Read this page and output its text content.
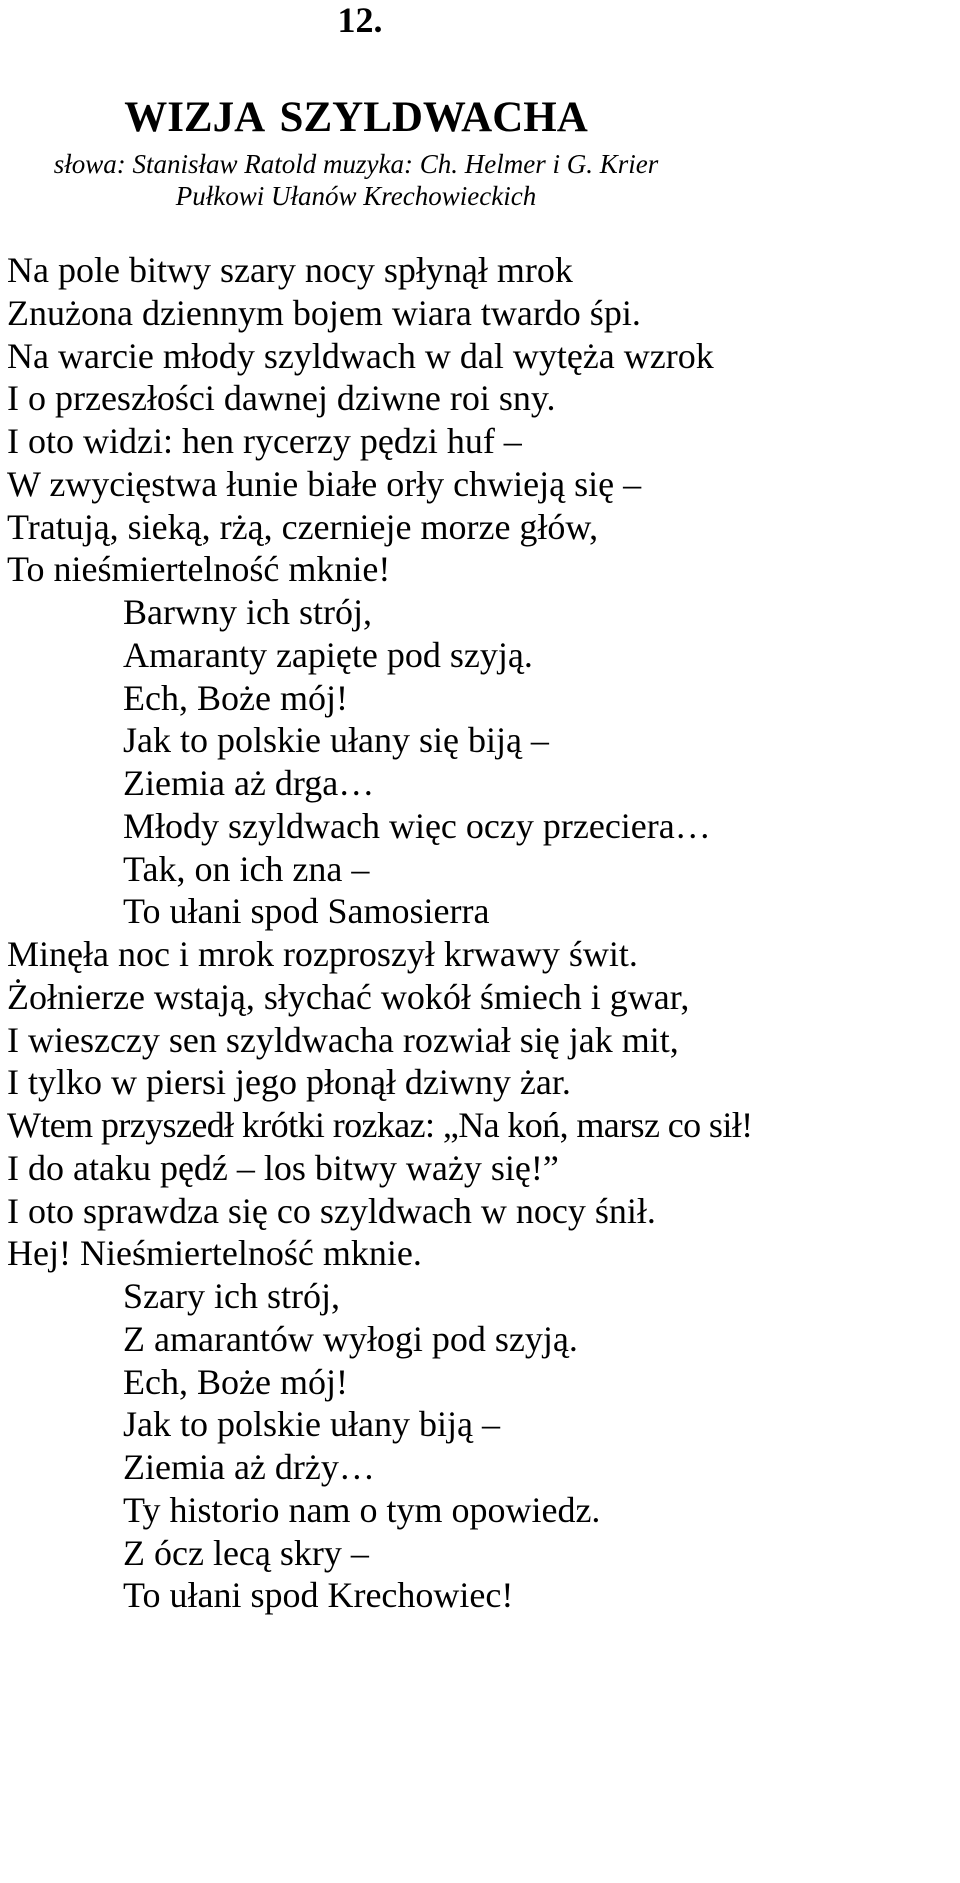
12.
WIZJA SZYLDWACHA
słowa: Stanisław Ratold muzyka: Ch. Helmer i G. Krier
Pułkowi Ułanów Krechowieckich
Na pole bitwy szary nocy spłynął mrok
Znużona dziennym bojem wiara twardo śpi.
Na warcie młody szyldwach w dal wytęża wzrok
I o przeszłości dawnej dziwne roi sny.
I oto widzi: hen rycerzy pędzi huf –
W zwycięstwa łunie białe orły chwieją się –
Tratują, sieką, rżą, czernieje morze głów,
To nieśmiertelność mknie!
Barwny ich strój,
Amaranty zapięte pod szyją.
Ech, Boże mój!
Jak to polskie ułany się biją –
Ziemia aż drga…
Młody szyldwach więc oczy przeciera…
Tak, on ich zna –
To ułani spod Samosierra
Minęła noc i mrok rozproszył krwawy świt.
Żołnierze wstają, słychać wokół śmiech i gwar,
I wieszczy sen szyldwacha rozwiał się jak mit,
I tylko w piersi jego płonął dziwny żar.
Wtem przyszedł krótki rozkaz: „Na koń, marsz co sił!
I do ataku pędź – los bitwy waży się!”
I oto sprawdza się co szyldwach w nocy śnił.
Hej! Nieśmiertelność mknie.
Szary ich strój,
Z amarantów wyłogi pod szyją.
Ech, Boże mój!
Jak to polskie ułany biją –
Ziemia aż drży…
Ty historio nam o tym opowiedz.
Z ócz lecą skry –
To ułani spod Krechowiec!
